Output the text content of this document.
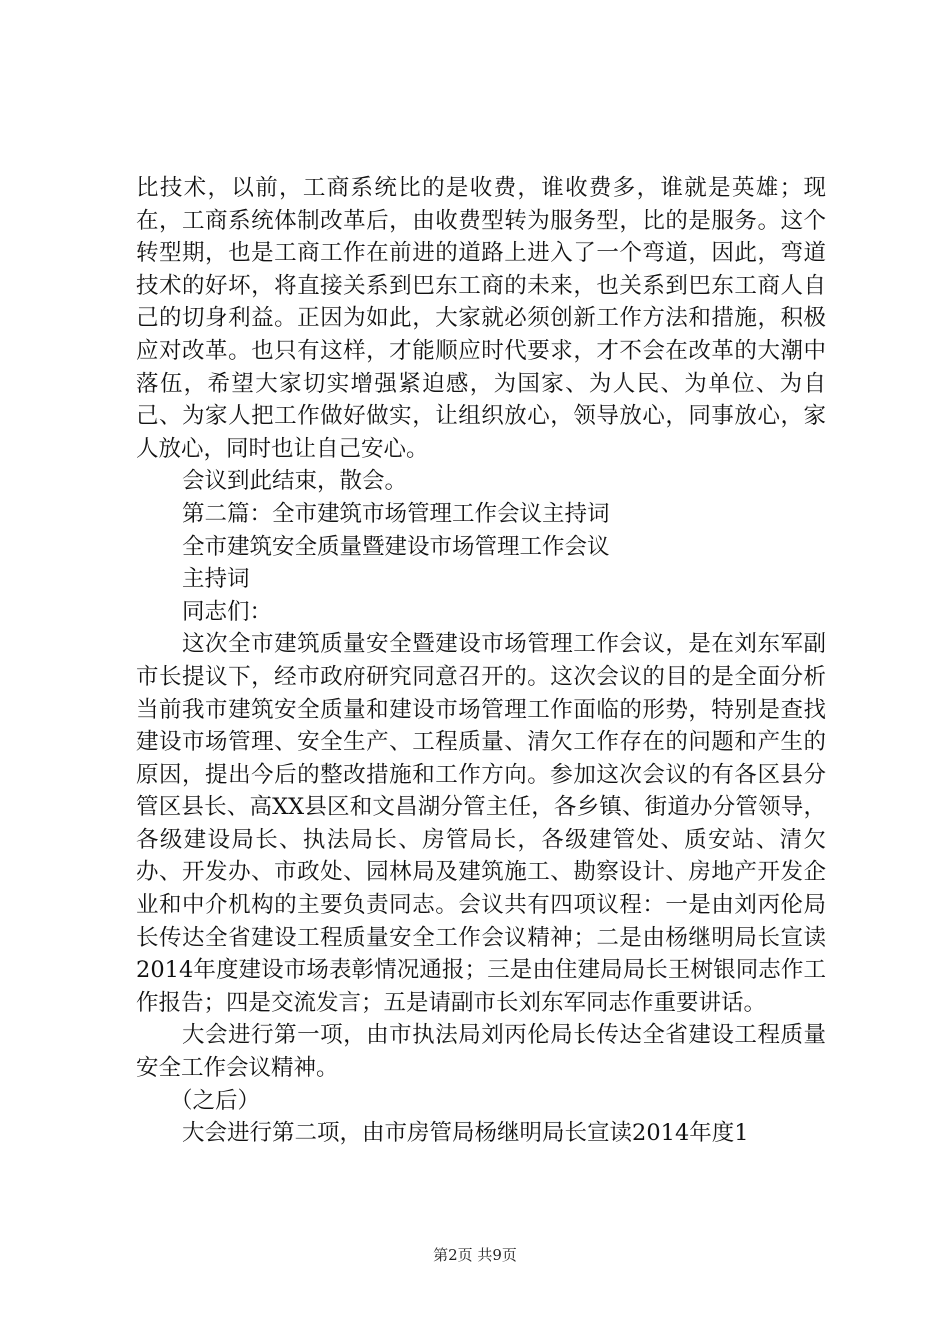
比技术，以前，工商系统比的是收费，谁收费多，谁就是英雄；现在，工商系统体制改革后，由收费型转为服务型，比的是服务。这个转型期，也是工商工作在前进的道路上进入了一个弯道，因此，弯道技术的好坏，将直接关系到巴东工商的未来，也关系到巴东工商人自己的切身利益。正因为如此，大家就必须创新工作方法和措施，积极应对改革。也只有这样，才能顺应时代要求，才不会在改革的大潮中落伍，希望大家切实增强紧迫感，为国家、为人民、为单位、为自己、为家人把工作做好做实，让组织放心，领导放心，同事放心，家人放心，同时也让自己安心。

会议到此结束，散会。

第二篇：全市建筑市场管理工作会议主持词

全市建筑安全质量暨建设市场管理工作会议

主持词

同志们：

这次全市建筑质量安全暨建设市场管理工作会议，是在刘东军副市长提议下，经市政府研究同意召开的。这次会议的目的是全面分析当前我市建筑安全质量和建设市场管理工作面临的形势，特别是查找建设市场管理、安全生产、工程质量、清欠工作存在的问题和产生的原因，提出今后的整改措施和工作方向。参加这次会议的有各区县分管区县长、高XX县区和文昌湖分管主任，各乡镇、街道办分管领导，各级建设局长、执法局长、房管局长，各级建管处、质安站、清欠办、开发办、市政处、园林局及建筑施工、勘察设计、房地产开发企业和中介机构的主要负责同志。会议共有四项议程：一是由刘丙伦局长传达全省建设工程质量安全工作会议精神；二是由杨继明局长宣读2014年度建设市场表彰情况通报；三是由住建局局长王树银同志作工作报告；四是交流发言；五是请副市长刘东军同志作重要讲话。

大会进行第一项，由市执法局刘丙伦局长传达全省建设工程质量安全工作会议精神。

（之后）

大会进行第二项，由市房管局杨继明局长宣读2014年度1

第2页 共9页
